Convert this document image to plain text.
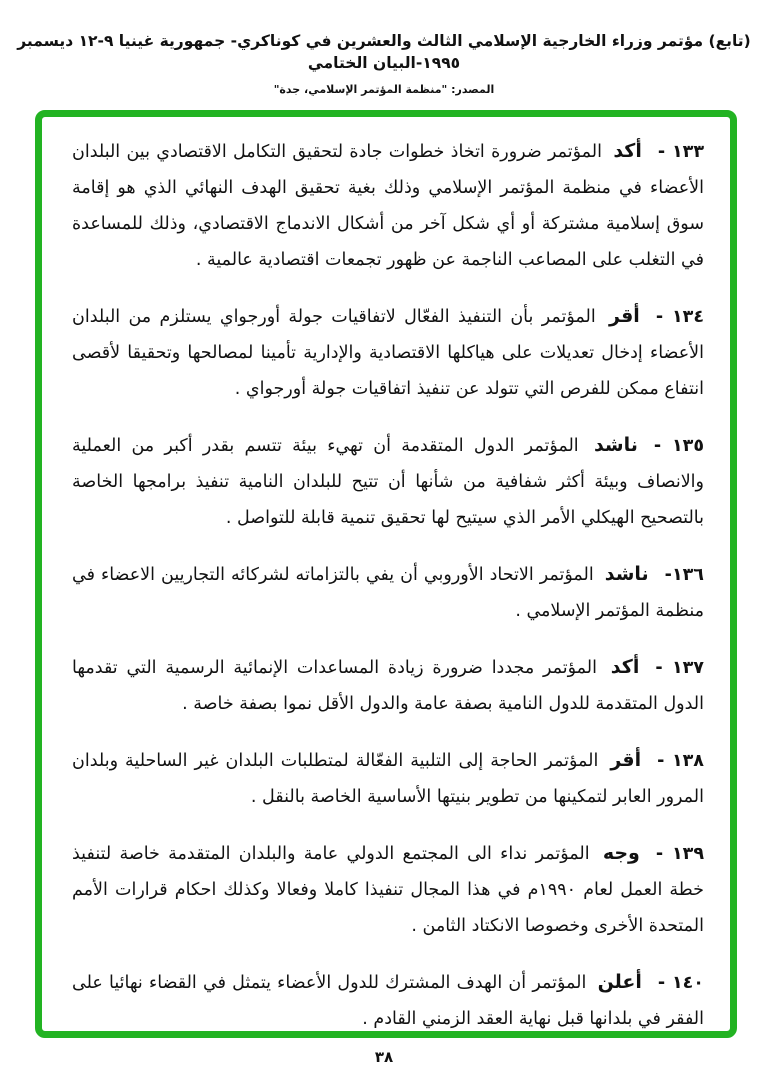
(تابع) مؤتمر وزراء الخارجية الإسلامي الثالث والعشرين في كوناكري- جمهورية غينيا ٩-١٢ ديسمبر ١٩٩٥-البيان الختامي
المصدر: "منظمة المؤتمر الإسلامي، جدة"

١٣٣ -أكد المؤتمر ضرورة اتخاذ خطوات جادة لتحقيق التكامل الاقتصادي بين البلدان الأعضاء في منظمة المؤتمر الإسلامي وذلك بغية تحقيق الهدف النهائي الذي هو إقامة سوق إسلامية مشتركة أو أي شكل آخر من أشكال الاندماج الاقتصادي، وذلك للمساعدة في التغلب على المصاعب الناجمة عن ظهور تجمعات اقتصادية عالمية .

١٣٤ -أقر المؤتمر بأن التنفيذ الفعّال لاتفاقيات جولة أورجواي يستلزم من البلدان الأعضاء إدخال تعديلات على هياكلها الاقتصادية والإدارية تأمينا لمصالحها وتحقيقا لأقصى انتفاع ممكن للفرص التي تتولد عن تنفيذ اتفاقيات جولة أورجواي .

١٣٥ -ناشد المؤتمر الدول المتقدمة أن تهيء بيئة تتسم بقدر أكبر من العملية والانصاف وبيئة أكثر شفافية من شأنها أن تتيح للبلدان النامية تنفيذ برامجها الخاصة بالتصحيح الهيكلي الأمر الذي سيتيح لها تحقيق تنمية قابلة للتواصل .

١٣٦-ناشد المؤتمر الاتحاد الأوروبي أن يفي بالتزاماته لشركائه التجاريين الاعضاء في منظمة المؤتمر الإسلامي .

١٣٧ -أكد المؤتمر مجددا ضرورة زيادة المساعدات الإنمائية الرسمية التي تقدمها الدول المتقدمة للدول النامية بصفة عامة والدول الأقل نموا بصفة خاصة .

١٣٨ -أقر المؤتمر الحاجة إلى التلبية الفعّالة لمتطلبات البلدان غير الساحلية وبلدان المرور العابر لتمكينها من تطوير بنيتها الأساسية الخاصة بالنقل .

١٣٩ -وجه المؤتمر نداء الى المجتمع الدولي عامة والبلدان المتقدمة خاصة لتنفيذ خطة العمل لعام ١٩٩٠م في هذا المجال تنفيذا كاملا وفعالا وكذلك احكام قرارات الأمم المتحدة الأخرى وخصوصا الانكتاد الثامن .

١٤٠ -أعلن المؤتمر أن الهدف المشترك للدول الأعضاء يتمثل في القضاء نهائيا على الفقر في بلدانها قبل نهاية العقد الزمني القادم .

٣٨
